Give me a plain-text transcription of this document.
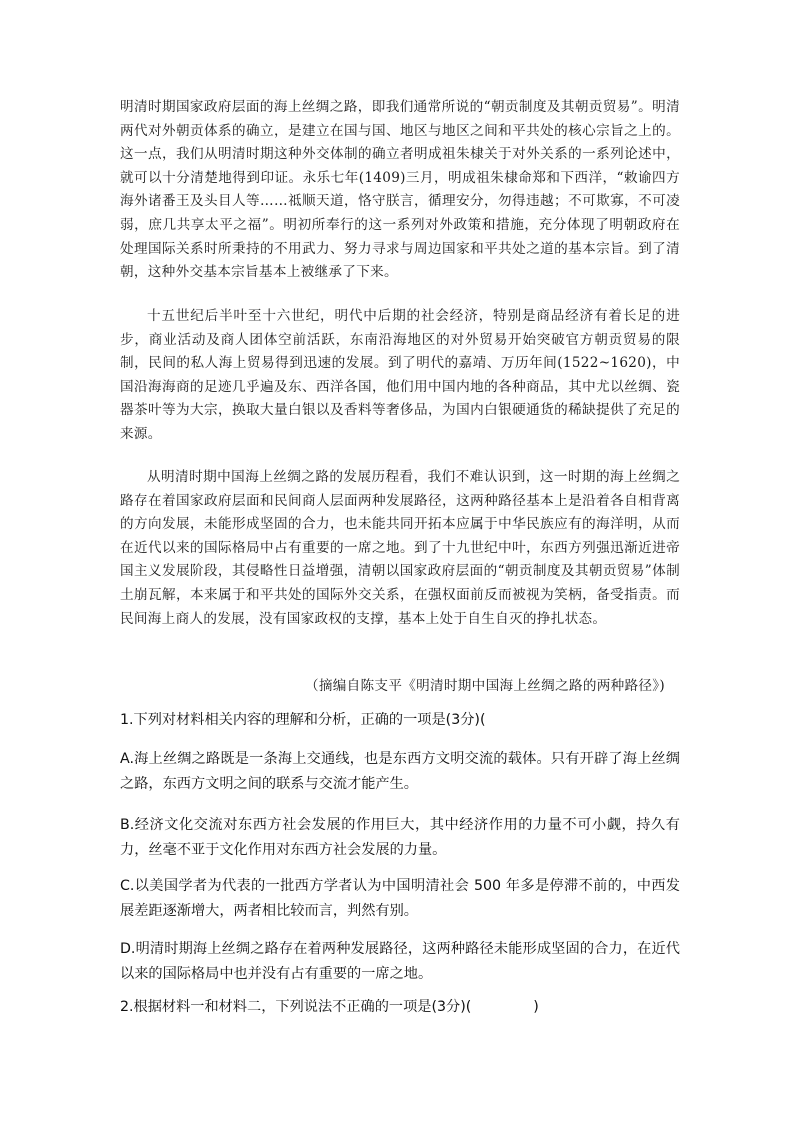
明清时期国家政府层面的海上丝绸之路，即我们通常所说的“朝贡制度及其朝贡贸易”。明清两代对外朝贡体系的确立，是建立在国与国、地区与地区之间和平共处的核心宗旨之上的。这一点，我们从明清时期这种外交体制的确立者明成祖朱棣关于对外关系的一系列论述中，就可以十分清楚地得到印证。永乐七年(1409)三月，明成祖朱棣命郑和下西洋，“敕谕四方海外诸番王及头目人等……祗顺天道，恪守朕言，循理安分，勿得违越；不可欺寡，不可凌弱，庶几共享太平之福”。明初所奉行的这一系列对外政策和措施，充分体现了明朝政府在处理国际关系时所秉持的不用武力、努力寻求与周边国家和平共处之道的基本宗旨。到了清朝，这种外交基本宗旨基本上被继承了下来。
十五世纪后半叶至十六世纪，明代中后期的社会经济，特别是商品经济有着长足的进步，商业活动及商人团体空前活跃，东南沿海地区的对外贸易开始突破官方朝贡贸易的限制，民间的私人海上贸易得到迅速的发展。到了明代的嘉靖、万历年间(1522~1620)，中国沿海海商的足迹几乎遍及东、西洋各国，他们用中国内地的各种商品，其中尤以丝绸、瓷器茶叶等为大宗，换取大量白银以及香料等奢侈品，为国内白银硬通货的稀缺提供了充足的来源。
从明清时期中国海上丝绸之路的发展历程看，我们不难认识到，这一时期的海上丝绸之路存在着国家政府层面和民间商人层面两种发展路径，这两种路径基本上是沿着各自相背离的方向发展，未能形成坚固的合力，也未能共同开拓本应属于中华民族应有的海洋明，从而在近代以来的国际格局中占有重要的一席之地。到了十九世纪中叶，东西方列强迅渐近进帝国主义发展阶段，其侵略性日益增强，清朝以国家政府层面的“朝贡制度及其朝贡贸易”体制土崩瓦解，本来属于和平共处的国际外交关系，在强权面前反而被视为笑柄，备受指责。而民间海上商人的发展，没有国家政权的支撑，基本上处于自生自灭的挣扎状态。
（摘编自陈支平《明清时期中国海上丝绸之路的两种路径》)
1.下列对材料相关内容的理解和分析，正确的一项是(3分)(
A.海上丝绸之路既是一条海上交通线，也是东西方文明交流的载体。只有开辟了海上丝绸之路，东西方文明之间的联系与交流才能产生。
B.经济文化交流对东西方社会发展的作用巨大，其中经济作用的力量不可小觑，持久有力，丝毫不亚于文化作用对东西方社会发展的力量。
C.以美国学者为代表的一批西方学者认为中国明清社会 500 年多是停滞不前的，中西发展差距逐渐增大，两者相比较而言，判然有别。
D.明清时期海上丝绸之路存在着两种发展路径，这两种路径未能形成坚固的合力，在近代以来的国际格局中也并没有占有重要的一席之地。
2.根据材料一和材料二，下列说法不正确的一项是(3分)(	)
